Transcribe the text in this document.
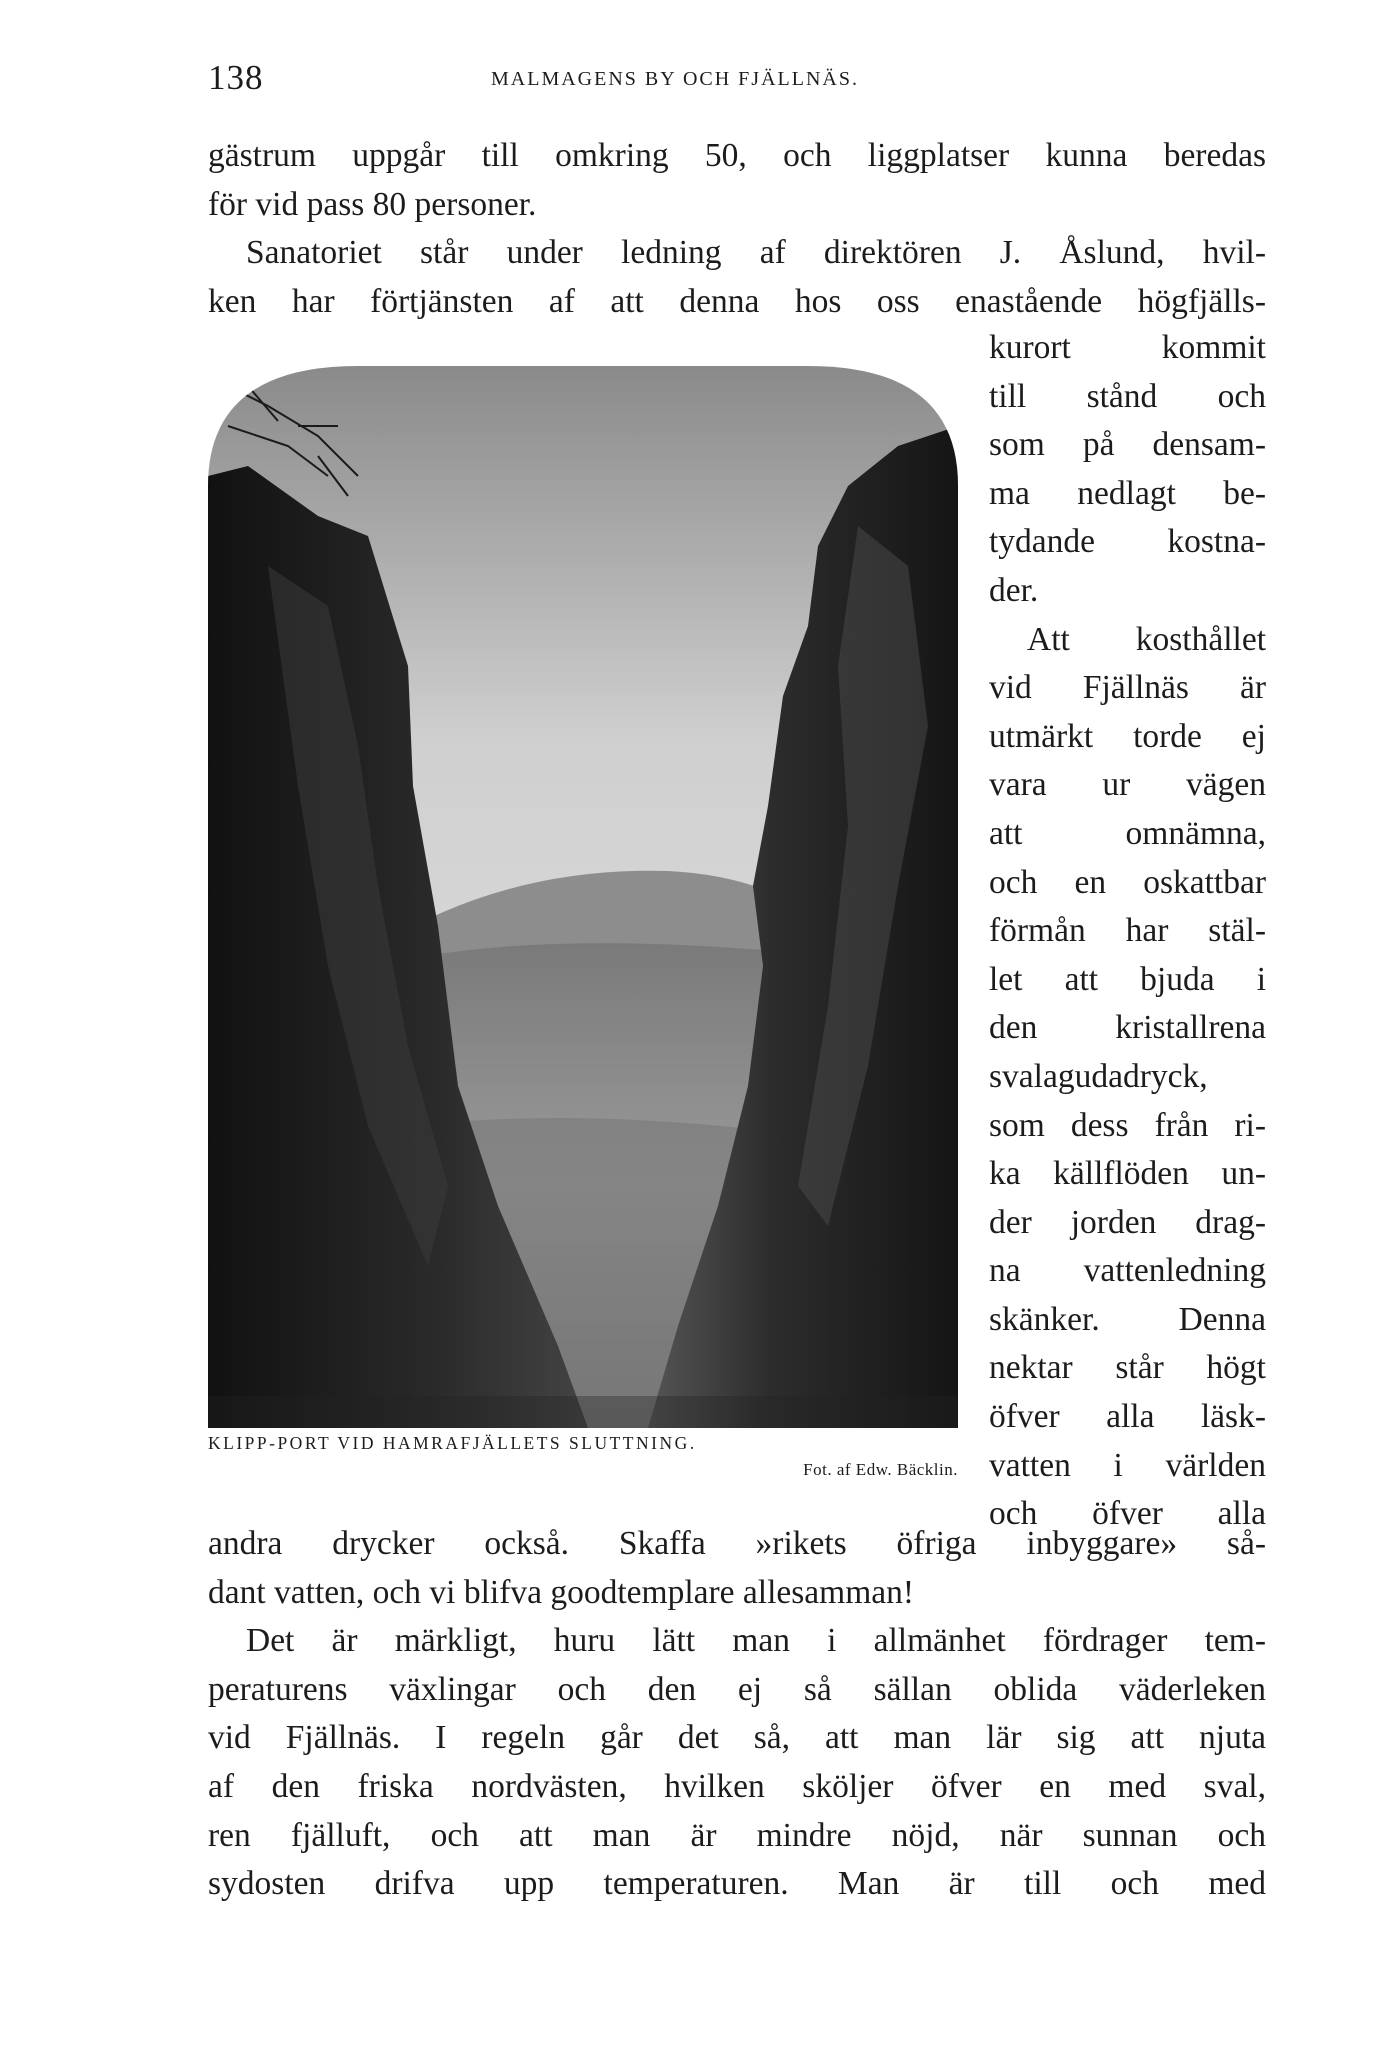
138	MALMAGENS BY OCH FJÄLLNÄS.
gästrum uppgår till omkring 50, och liggplatser kunna beredas
för vid pass 80 personer.
Sanatoriet står under ledning af direktören J. Åslund, hvil-
ken har förtjänsten af att denna hos oss enastående högfjälls-
kurort kommit
till stånd och
som på densam-
ma nedlagt be-
tydande kostna-
der.
Att kosthållet
vid Fjällnäs är
utmärkt torde ej
vara ur vägen
att omnämna,
och en oskattbar
förmån har stäl-
let att bjuda i
den kristallrena
svalagudadryck,
som dess från ri-
ka källflöden un-
der jorden drag-
na vattenledning
skänker. Denna
nektar står högt
öfver alla läsk-
vatten i världen
och öfver alla
KLIPP-PORT VID HAMRAFJÄLLETS SLUTTNING.
Fot. af Edw. Bäcklin.
andra drycker också. Skaffa »rikets öfriga inbyggare» så-
dant vatten, och vi blifva goodtemplare allesamman!
Det är märkligt, huru lätt man i allmänhet fördrager tem-
peraturens växlingar och den ej så sällan oblida väderleken
vid Fjällnäs. I regeln går det så, att man lär sig att njuta
af den friska nordvästen, hvilken sköljer öfver en med sval,
ren fjälluft, och att man är mindre nöjd, när sunnan och
sydosten drifva upp temperaturen. Man är till och med
